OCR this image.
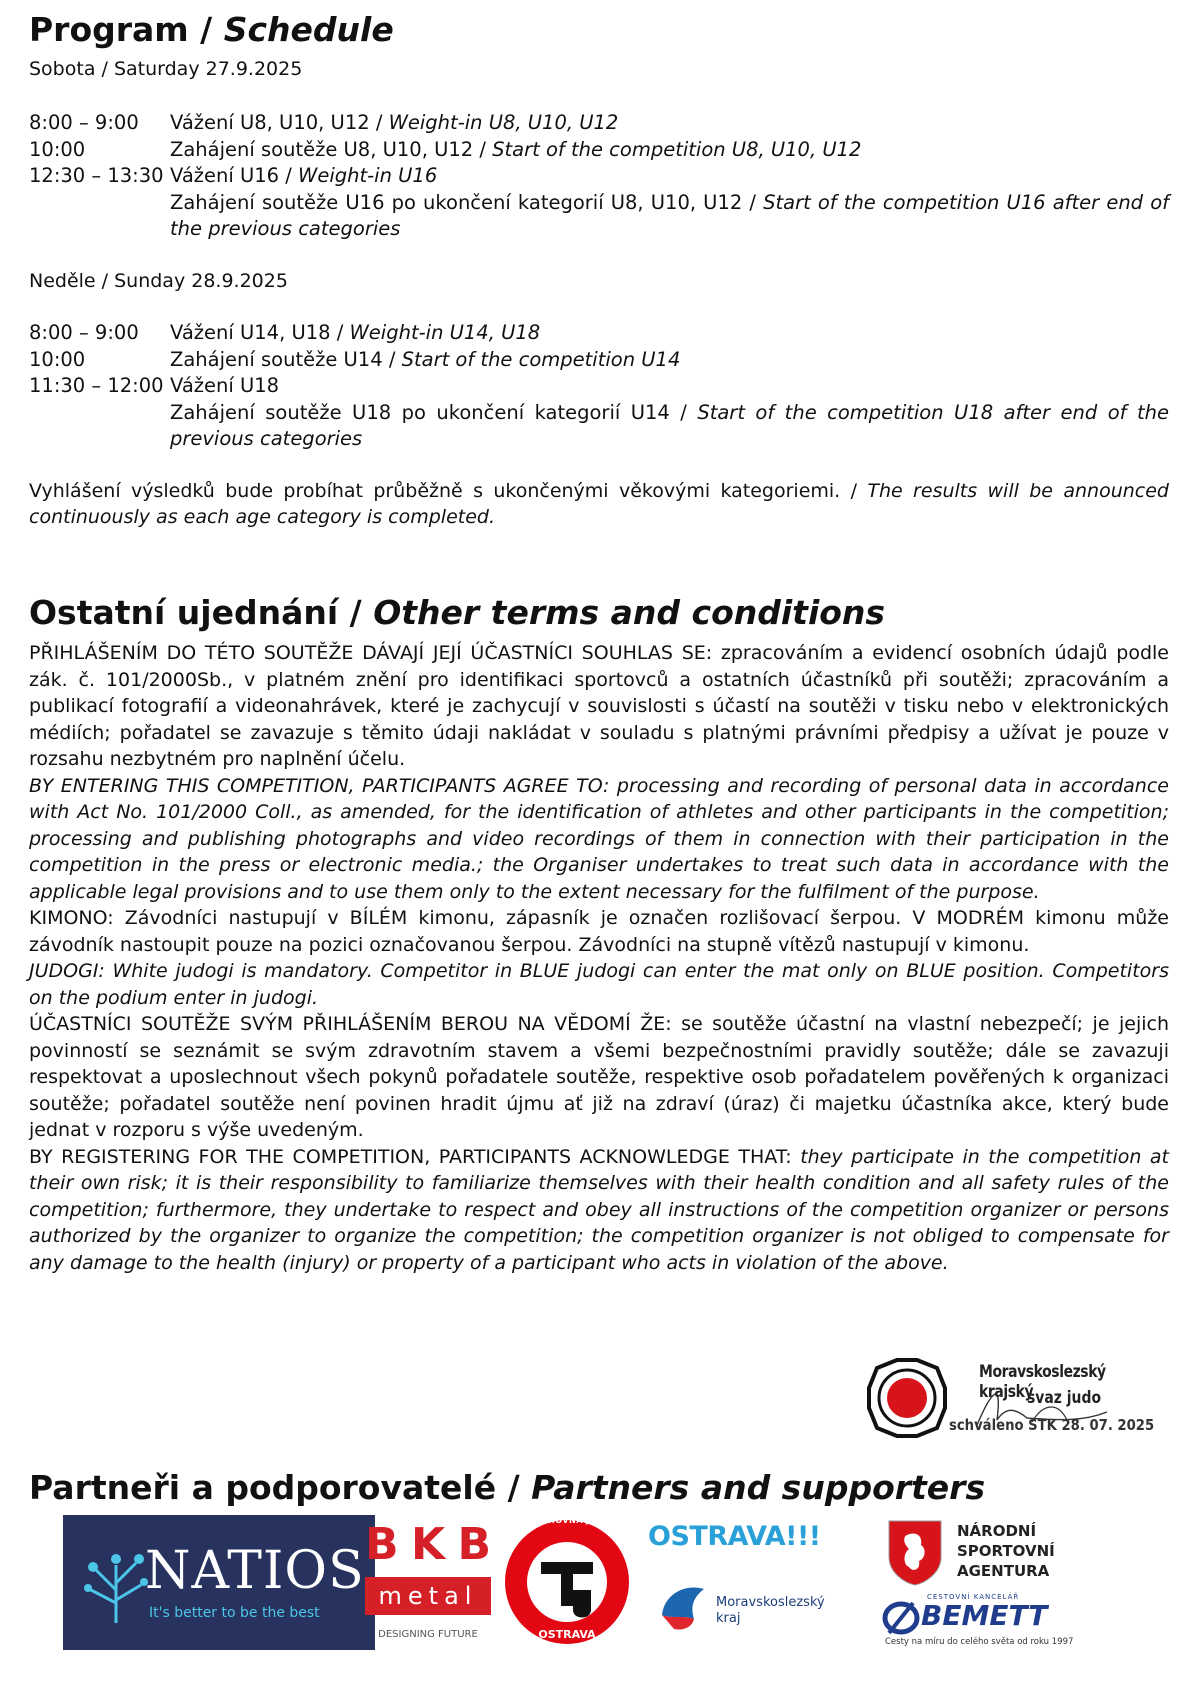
Program / Schedule
Sobota / Saturday 27.9.2025
8:00 – 9:00	Vážení U8, U10, U12 / Weight-in U8, U10, U12
10:00	Zahájení soutěže U8, U10, U12 / Start of the competition U8, U10, U12
12:30 – 13:30 Vážení U16 / Weight-in U16
Zahájení soutěže U16 po ukončení kategorií U8, U10, U12 / Start of the competition U16 after end of the previous categories
Neděle / Sunday 28.9.2025
8:00 – 9:00	Vážení U14, U18 / Weight-in U14, U18
10:00	Zahájení soutěže U14 / Start of the competition U14
11:30 – 12:00 Vážení U18
Zahájení soutěže U18 po ukončení kategorií U14 / Start of the competition U18 after end of the previous categories
Vyhlášení výsledků bude probíhat průběžně s ukončenými věkovými kategoriemi. / The results will be announced continuously as each age category is completed.
Ostatní ujednání / Other terms and conditions

PŘIHLÁŠENÍM DO TÉTO SOUTĚŽE DÁVAJÍ JEJÍ ÚČASTNÍCI SOUHLAS SE: zpracováním a evidencí osobních údajů podle zák. č. 101/2000Sb., v platném znění pro identifikaci sportovců a ostatních účastníků při soutěži; zpracováním a publikací fotografií a videonahrávek, které je zachycují v souvislosti s účastí na soutěži v tisku nebo v elektronických médiích; pořadatel se zavazuje s těmito údaji nakládat v souladu s platnými právními předpisy a užívat je pouze v rozsahu nezbytném pro naplnění účelu.

BY ENTERING THIS COMPETITION, PARTICIPANTS AGREE TO: processing and recording of personal data in accordance with Act No. 101/2000 Coll., as amended, for the identification of athletes and other participants in the competition; processing and publishing photographs and video recordings of them in connection with their participation in the competition in the press or electronic media.; the Organiser undertakes to treat such data in accordance with the applicable legal provisions and to use them only to the extent necessary for the fulfilment of the purpose.

KIMONO: Závodníci nastupují v BÍLÉM kimonu, zápasník je označen rozlišovací šerpou. V MODRÉM kimonu může závodník nastoupit pouze na pozici označovanou šerpou. Závodníci na stupně vítězů nastupují v kimonu.

JUDOGI: White judogi is mandatory. Competitor in BLUE judogi can enter the mat only on BLUE position. Competitors on the podium enter in judogi.

ÚČASTNÍCI SOUTĚŽE SVÝM PŘIHLÁŠENÍM BEROU NA VĚDOMÍ ŽE: se soutěže účastní na vlastní nebezpečí; je jejich povinností se seznámit se svým zdravotním stavem a všemi bezpečnostními pravidly soutěže; dále se zavazuji respektovat a uposlechnout všech pokynů pořadatele soutěže, respektive osob pořadatelem pověřených k organizaci soutěže; pořadatel soutěže není povinen hradit újmu ať již na zdraví (úraz) či majetku účastníka akce, který bude jednat v rozporu s výše uvedeným.

BY REGISTERING FOR THE COMPETITION, PARTICIPANTS ACKNOWLEDGE THAT: they participate in the competition at their own risk; it is their responsibility to familiarize themselves with their health condition and all safety rules of the competition; furthermore, they undertake to respect and obey all instructions of the competition organizer or persons authorized by the organizer to organize the competition; the competition organizer is not obliged to compensate for any damage to the health (injury) or property of a participant who acts in violation of the above.

Moravskoslezský krajský
svaz judo
schváleno STK 28. 07. 2025
Partneři a podporovatelé / Partners and supporters
NATIOS
It's better to be the best
B K B
metal
DESIGNING FUTURE
TĚLOVÝCHOVNÁ JEDNOTA
OSTRAVA
OSTRAVA!!!
Moravskoslezský
kraj
NÁRODNÍ
SPORTOVNÍ
AGENTURA
CESTOVNÍ KANCELÁŘ
BEMETT
Cesty na míru do celého světa od roku 1997
